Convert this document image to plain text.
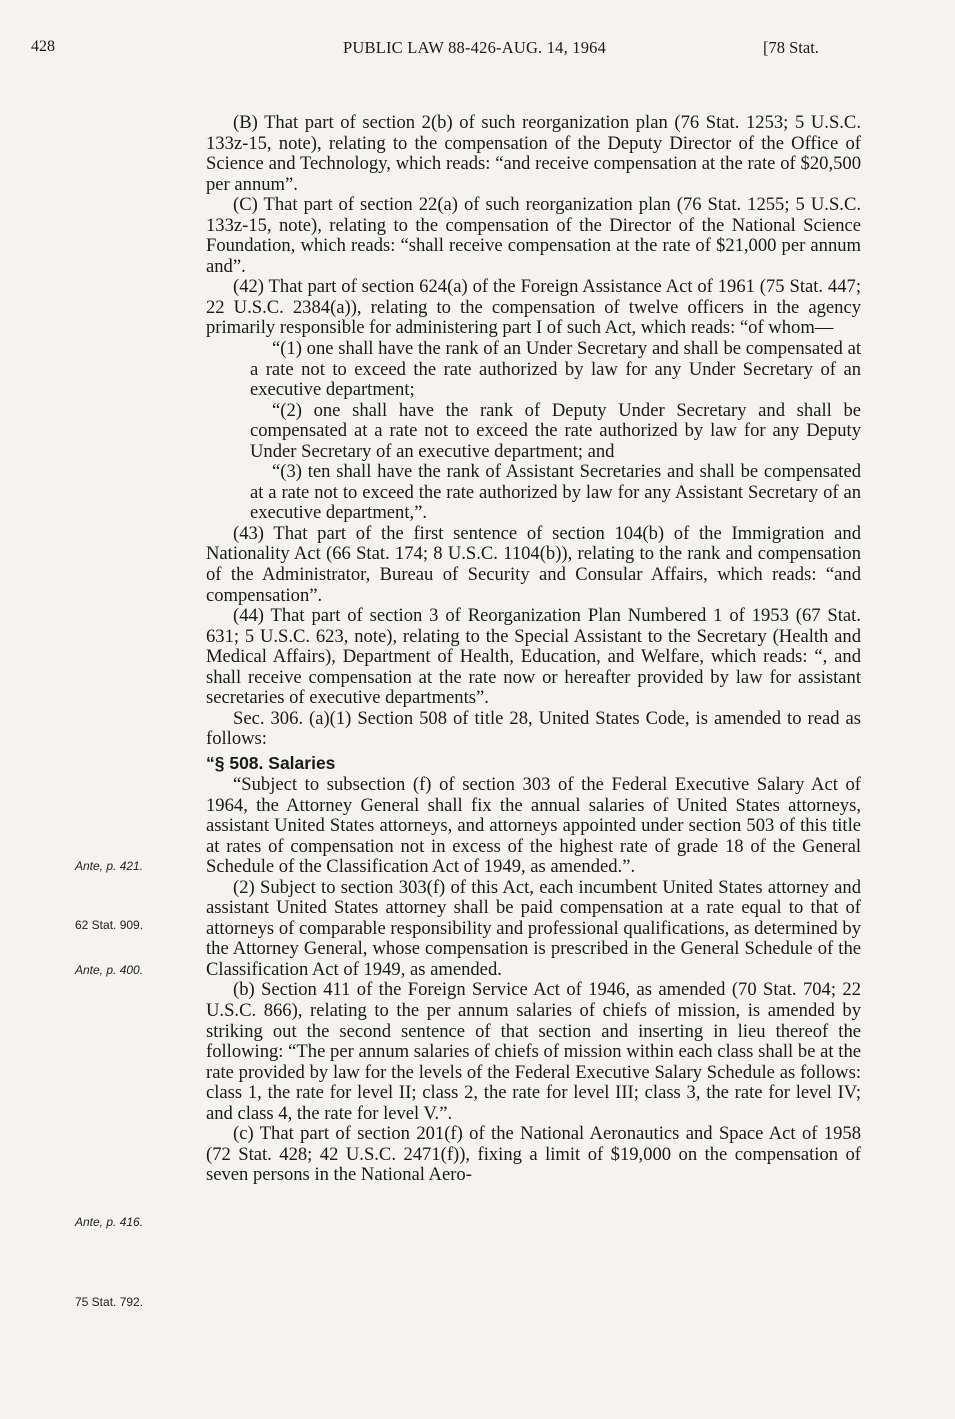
428	PUBLIC LAW 88-426-AUG. 14, 1964	[78 Stat.

(B) That part of section 2(b) of such reorganization plan (76 Stat. 1253; 5 U.S.C. 133z-15, note), relating to the compensation of the Deputy Director of the Office of Science and Technology, which reads: “and receive compensation at the rate of $20,500 per annum”.

(C) That part of section 22(a) of such reorganization plan (76 Stat. 1255; 5 U.S.C. 133z-15, note), relating to the compensation of the Director of the National Science Foundation, which reads: “shall receive compensation at the rate of $21,000 per annum and”.

(42) That part of section 624(a) of the Foreign Assistance Act of 1961 (75 Stat. 447; 22 U.S.C. 2384(a)), relating to the compensation of twelve officers in the agency primarily responsible for administering part I of such Act, which reads: “of whom—

“(1) one shall have the rank of an Under Secretary and shall be compensated at a rate not to exceed the rate authorized by law for any Under Secretary of an executive department;

“(2) one shall have the rank of Deputy Under Secretary and shall be compensated at a rate not to exceed the rate authorized by law for any Deputy Under Secretary of an executive department; and

“(3) ten shall have the rank of Assistant Secretaries and shall be compensated at a rate not to exceed the rate authorized by law for any Assistant Secretary of an executive department,”.

(43) That part of the first sentence of section 104(b) of the Immigration and Nationality Act (66 Stat. 174; 8 U.S.C. 1104(b)), relating to the rank and compensation of the Administrator, Bureau of Security and Consular Affairs, which reads: “and compensation”.

(44) That part of section 3 of Reorganization Plan Numbered 1 of 1953 (67 Stat. 631; 5 U.S.C. 623, note), relating to the Special Assistant to the Secretary (Health and Medical Affairs), Department of Health, Education, and Welfare, which reads: “, and shall receive compensation at the rate now or hereafter provided by law for assistant secretaries of executive departments”.

Sec. 306. (a)(1) Section 508 of title 28, United States Code, is amended to read as follows:

“§ 508. Salaries

“Subject to subsection (f) of section 303 of the Federal Executive Salary Act of 1964, the Attorney General shall fix the annual salaries of United States attorneys, assistant United States attorneys, and attorneys appointed under section 503 of this title at rates of compensation not in excess of the highest rate of grade 18 of the General Schedule of the Classification Act of 1949, as amended.”.

(2) Subject to section 303(f) of this Act, each incumbent United States attorney and assistant United States attorney shall be paid compensation at a rate equal to that of attorneys of comparable responsibility and professional qualifications, as determined by the Attorney General, whose compensation is prescribed in the General Schedule of the Classification Act of 1949, as amended.

(b) Section 411 of the Foreign Service Act of 1946, as amended (70 Stat. 704; 22 U.S.C. 866), relating to the per annum salaries of chiefs of mission, is amended by striking out the second sentence of that section and inserting in lieu thereof the following: “The per annum salaries of chiefs of mission within each class shall be at the rate provided by law for the levels of the Federal Executive Salary Schedule as follows: class 1, the rate for level II; class 2, the rate for level III; class 3, the rate for level IV; and class 4, the rate for level V.”.

(c) That part of section 201(f) of the National Aeronautics and Space Act of 1958 (72 Stat. 428; 42 U.S.C. 2471(f)), fixing a limit of $19,000 on the compensation of seven persons in the National Aero-

Ante, p. 421.
62 Stat. 909.
Ante, p. 400.
Ante, p. 416.
75 Stat. 792.
